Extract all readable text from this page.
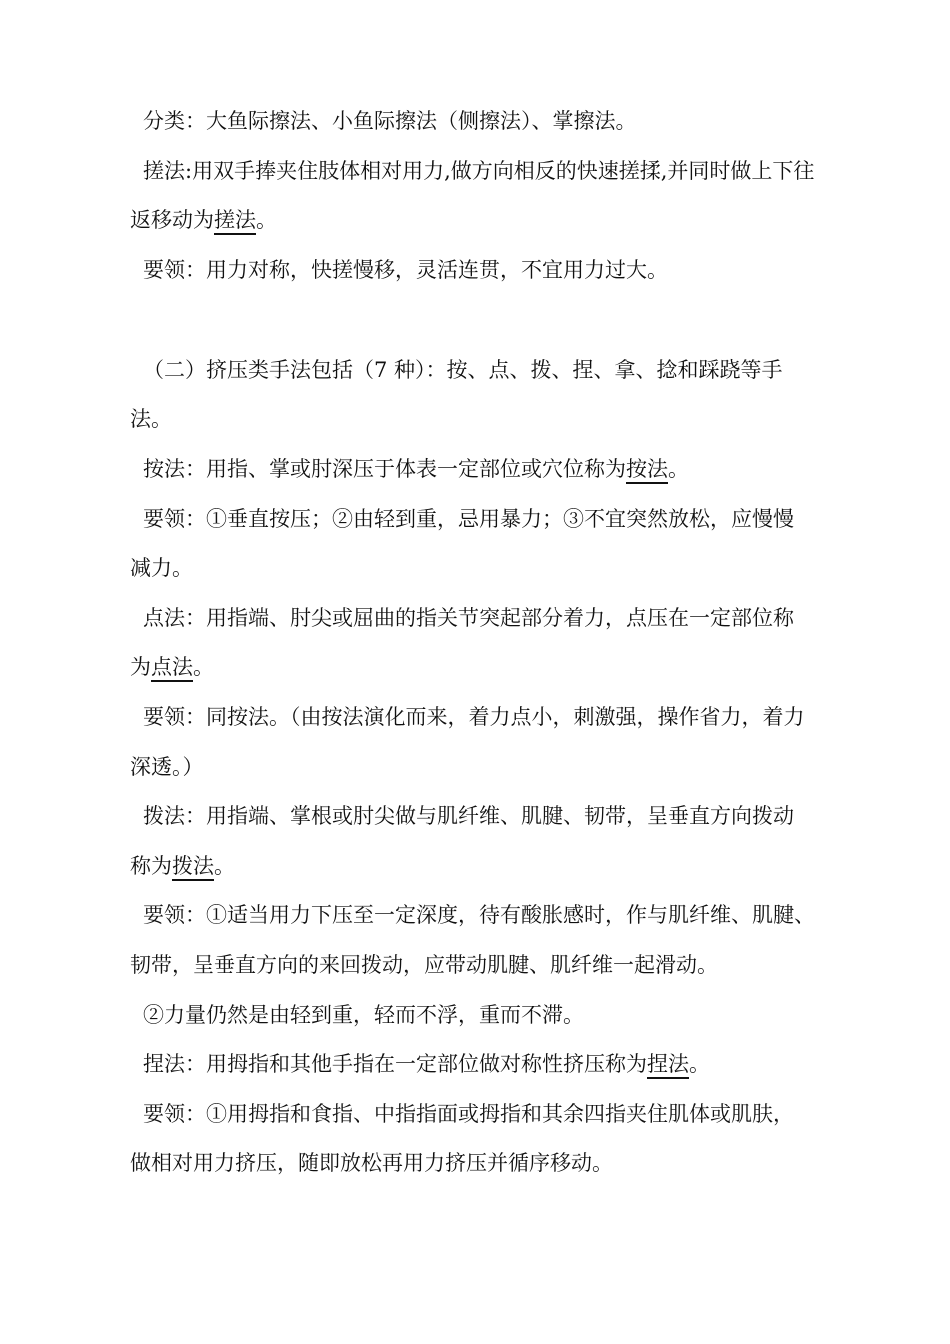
分类：大鱼际擦法、小鱼际擦法（侧擦法）、掌擦法。
搓法:用双手捧夹住肢体相对用力,做方向相反的快速搓揉,并同时做上下往
返移动为搓法。
要领：用力对称，快搓慢移，灵活连贯，不宜用力过大。
（二）挤压类手法包括（7 种）：按、点、拨、捏、拿、捻和踩跷等手
法。
按法：用指、掌或肘深压于体表一定部位或穴位称为按法。
要领：①垂直按压；②由轻到重，忌用暴力；③不宜突然放松，应慢慢
减力。
点法：用指端、肘尖或屈曲的指关节突起部分着力，点压在一定部位称
为点法。
要领：同按法。（由按法演化而来，着力点小，刺激强，操作省力，着力
深透。）
拨法：用指端、掌根或肘尖做与肌纤维、肌腱、韧带，呈垂直方向拨动
称为拨法。
要领：①适当用力下压至一定深度，待有酸胀感时，作与肌纤维、肌腱、
韧带，呈垂直方向的来回拨动，应带动肌腱、肌纤维一起滑动。
②力量仍然是由轻到重，轻而不浮，重而不滞。
捏法：用拇指和其他手指在一定部位做对称性挤压称为捏法。
要领：①用拇指和食指、中指指面或拇指和其余四指夹住肌体或肌肤，
做相对用力挤压，随即放松再用力挤压并循序移动。
